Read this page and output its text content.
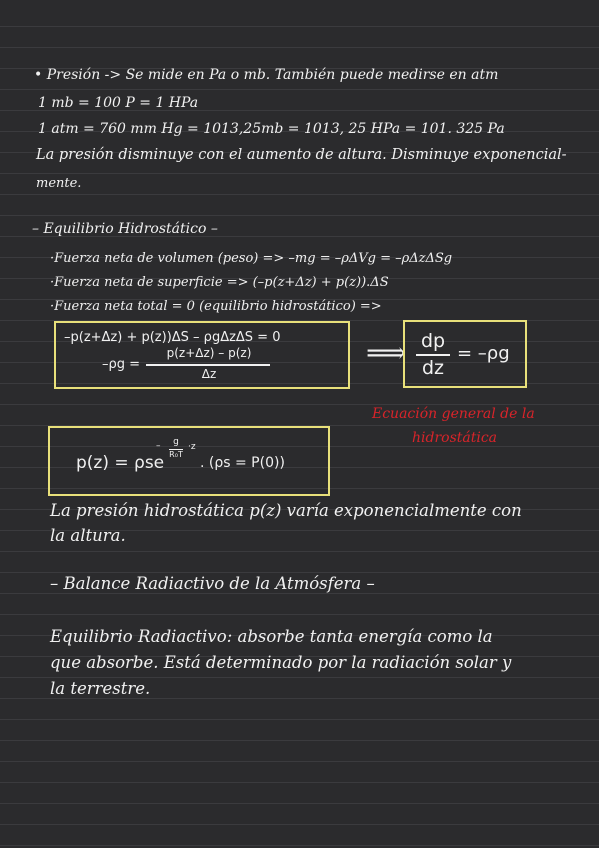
• Presión -> Se mide en Pa o mb. También puede medirse en atm
1 mb = 100 P = 1 HPa
1 atm = 760 mm Hg = 1013,25mb = 1013, 25 HPa = 101. 325 Pa
La presión disminuye con el aumento de altura. Disminuye exponencial-
mente.
– Equilibrio Hidrostático –
·Fuerza neta de volumen (peso) => –mg = –ρΔVg = –ρΔzΔSg
·Fuerza neta de superficie => (–p(z+Δz) + p(z)).ΔS
·Fuerza neta total = 0 (equilibrio hidrostático) =>
–p(z+Δz) + p(z))ΔS – ρgΔzΔS = 0
–ρg =
p(z+Δz) – p(z)
Δz
⟹ dp
dz
= –ρg
Ecuación general de la
hidrostática
p(z) = ρse
g
R₀T
–	·z
. (ρs = P(0))
La presión hidrostática p(z) varía exponencialmente con
la altura.
– Balance Radiactivo de la Atmósfera –
Equilibrio Radiactivo: absorbe tanta energía como la
que absorbe. Está determinado por la radiación solar y
la terrestre.
